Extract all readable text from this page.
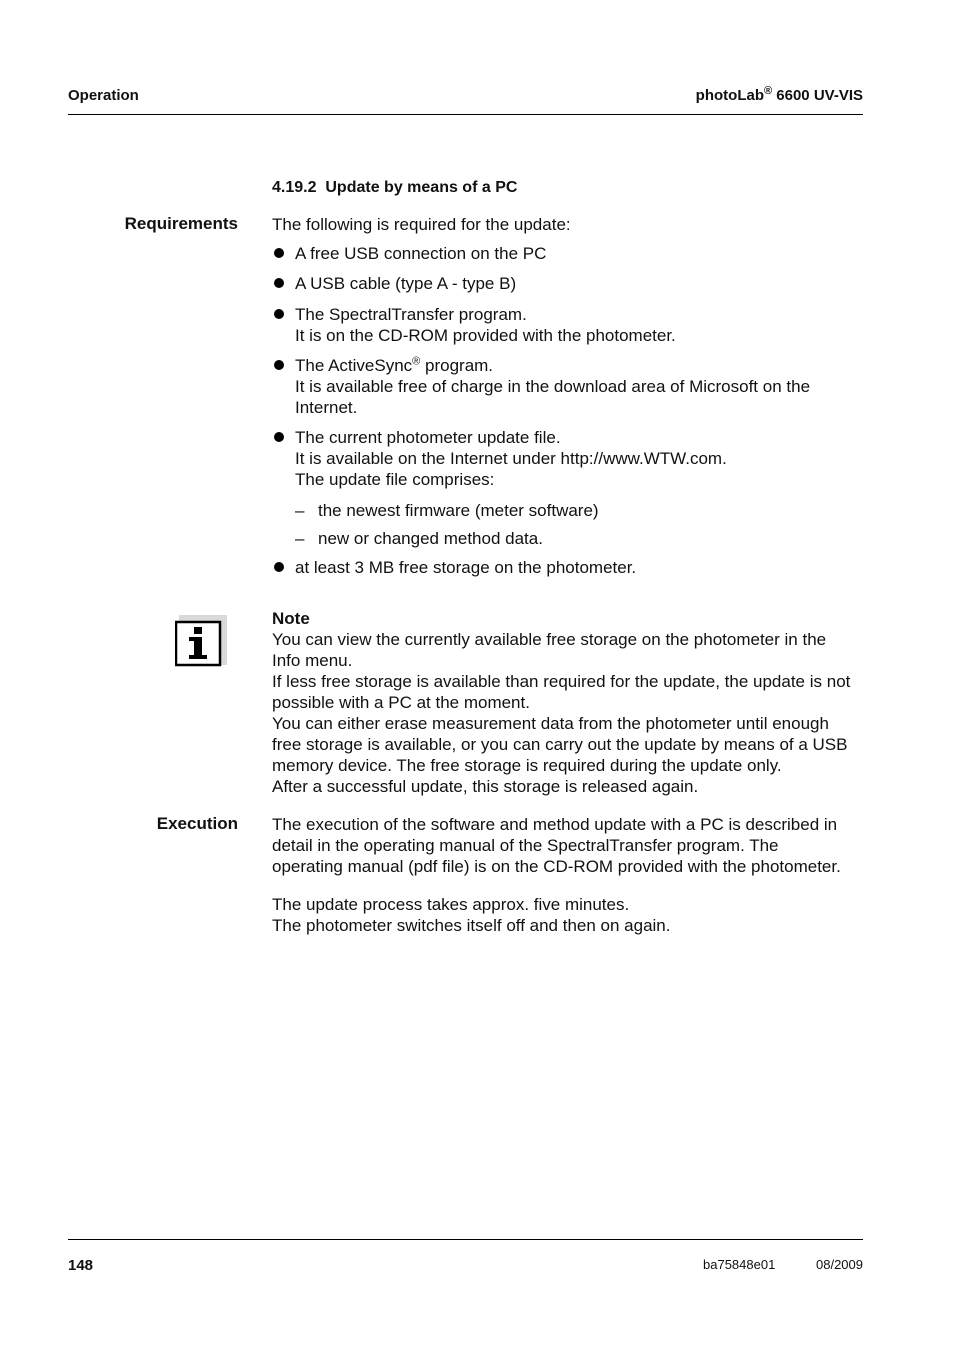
Operation	photoLab® 6600 UV-VIS
4.19.2 Update by means of a PC
Requirements The following is required for the update:
A free USB connection on the PC
A USB cable (type A - type B)
The SpectralTransfer program.
It is on the CD-ROM provided with the photometer.
The ActiveSync® program.
It is available free of charge in the download area of Microsoft on the
Internet.
The current photometer update file.
It is available on the Internet under http://www.WTW.com.
The update file comprises:
– the newest firmware (meter software)
– new or changed method data.
at least 3 MB free storage on the photometer.
Note
You can view the currently available free storage on the photometer in the
Info menu.
If less free storage is available than required for the update, the update is not
possible with a PC at the moment.
You can either erase measurement data from the photometer until enough
free storage is available, or you can carry out the update by means of a USB
memory device. The free storage is required during the update only.
After a successful update, this storage is released again.
Execution The execution of the software and method update with a PC is described in
detail in the operating manual of the SpectralTransfer program. The
operating manual (pdf file) is on the CD-ROM provided with the photometer.
The update process takes approx. five minutes.
The photometer switches itself off and then on again.
148	ba75848e01	08/2009
